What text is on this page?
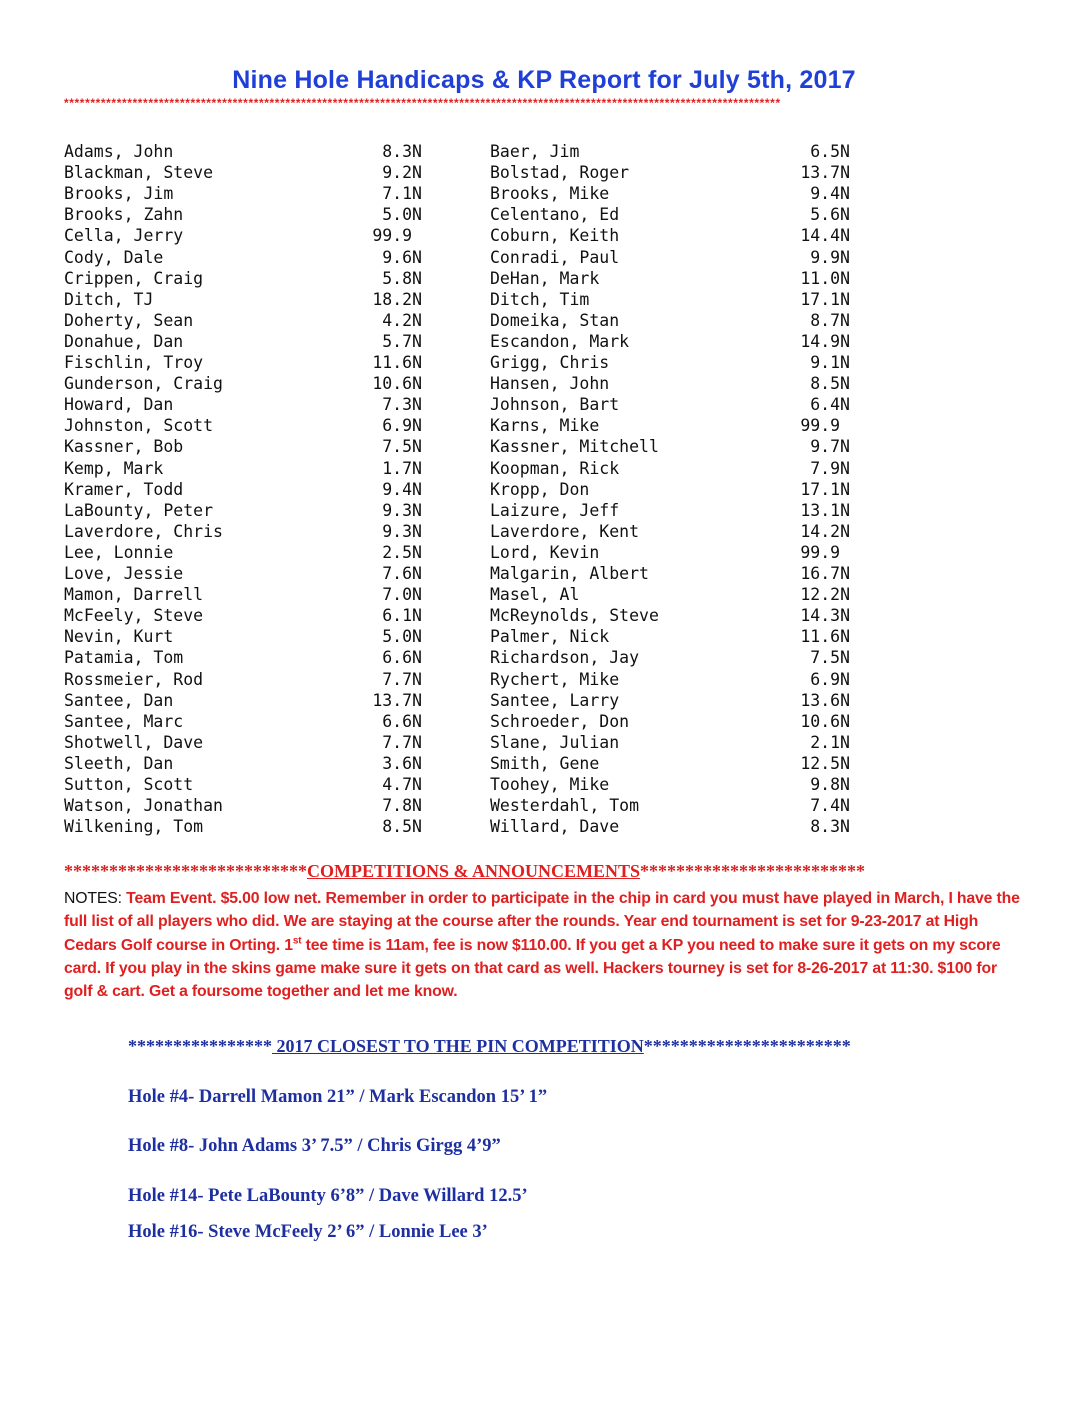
Nine Hole Handicaps & KP Report for July 5th, 2017
****************************************************************************************************************************************
Adams, John	8.3N	Baer, Jim	6.5N
Blackman, Steve	9.2N	Bolstad, Roger	13.7N
Brooks, Jim	7.1N	Brooks, Mike	9.4N
Brooks, Zahn	5.0N	Celentano, Ed	5.6N
Cella, Jerry	99.9	Coburn, Keith	14.4N
Cody, Dale	9.6N	Conradi, Paul	9.9N
Crippen, Craig	5.8N	DeHan, Mark	11.0N
Ditch, TJ	18.2N	Ditch, Tim	17.1N
Doherty, Sean	4.2N	Domeika, Stan	8.7N
Donahue, Dan	5.7N	Escandon, Mark	14.9N
Fischlin, Troy	11.6N	Grigg, Chris	9.1N
Gunderson, Craig	10.6N	Hansen, John	8.5N
Howard, Dan	7.3N	Johnson, Bart	6.4N
Johnston, Scott	6.9N	Karns, Mike	99.9
Kassner, Bob	7.5N	Kassner, Mitchell	9.7N
Kemp, Mark	1.7N	Koopman, Rick	7.9N
Kramer, Todd	9.4N	Kropp, Don	17.1N
LaBounty, Peter	9.3N	Laizure, Jeff	13.1N
Laverdore, Chris	9.3N	Laverdore, Kent	14.2N
Lee, Lonnie	2.5N	Lord, Kevin	99.9
Love, Jessie	7.6N	Malgarin, Albert	16.7N
Mamon, Darrell	7.0N	Masel, Al	12.2N
McFeely, Steve	6.1N	McReynolds, Steve	14.3N
Nevin, Kurt	5.0N	Palmer, Nick	11.6N
Patamia, Tom	6.6N	Richardson, Jay	7.5N
Rossmeier, Rod	7.7N	Rychert, Mike	6.9N
Santee, Dan	13.7N	Santee, Larry	13.6N
Santee, Marc	6.6N	Schroeder, Don	10.6N
Shotwell, Dave	7.7N	Slane, Julian	2.1N
Sleeth, Dan	3.6N	Smith, Gene	12.5N
Sutton, Scott	4.7N	Toohey, Mike	9.8N
Watson, Jonathan	7.8N	Westerdahl, Tom	7.4N
Wilkening, Tom	8.5N	Willard, Dave	8.3N
***************************COMPETITIONS & ANNOUNCEMENTS*************************
NOTES: Team Event. $5.00 low net. Remember in order to participate in the chip in card you must have played in March, I have the full list of all players who did. We are staying at the course after the rounds. Year end tournament is set for 9-23-2017 at High Cedars Golf course in Orting. 1st tee time is 11am, fee is now $110.00. If you get a KP you need to make sure it gets on my score card. If you play in the skins game make sure it gets on that card as well. Hackers tourney is set for 8-26-2017 at 11:30. $100 for golf & cart. Get a foursome together and let me know.
**************** 2017 CLOSEST TO THE PIN COMPETITION***********************
Hole #4- Darrell Mamon 21” / Mark Escandon 15’ 1”
Hole #8- John Adams 3’ 7.5” / Chris Girgg 4’9”
Hole #14- Pete LaBounty 6’8” / Dave Willard 12.5’
Hole #16- Steve McFeely 2’ 6” / Lonnie Lee 3’
